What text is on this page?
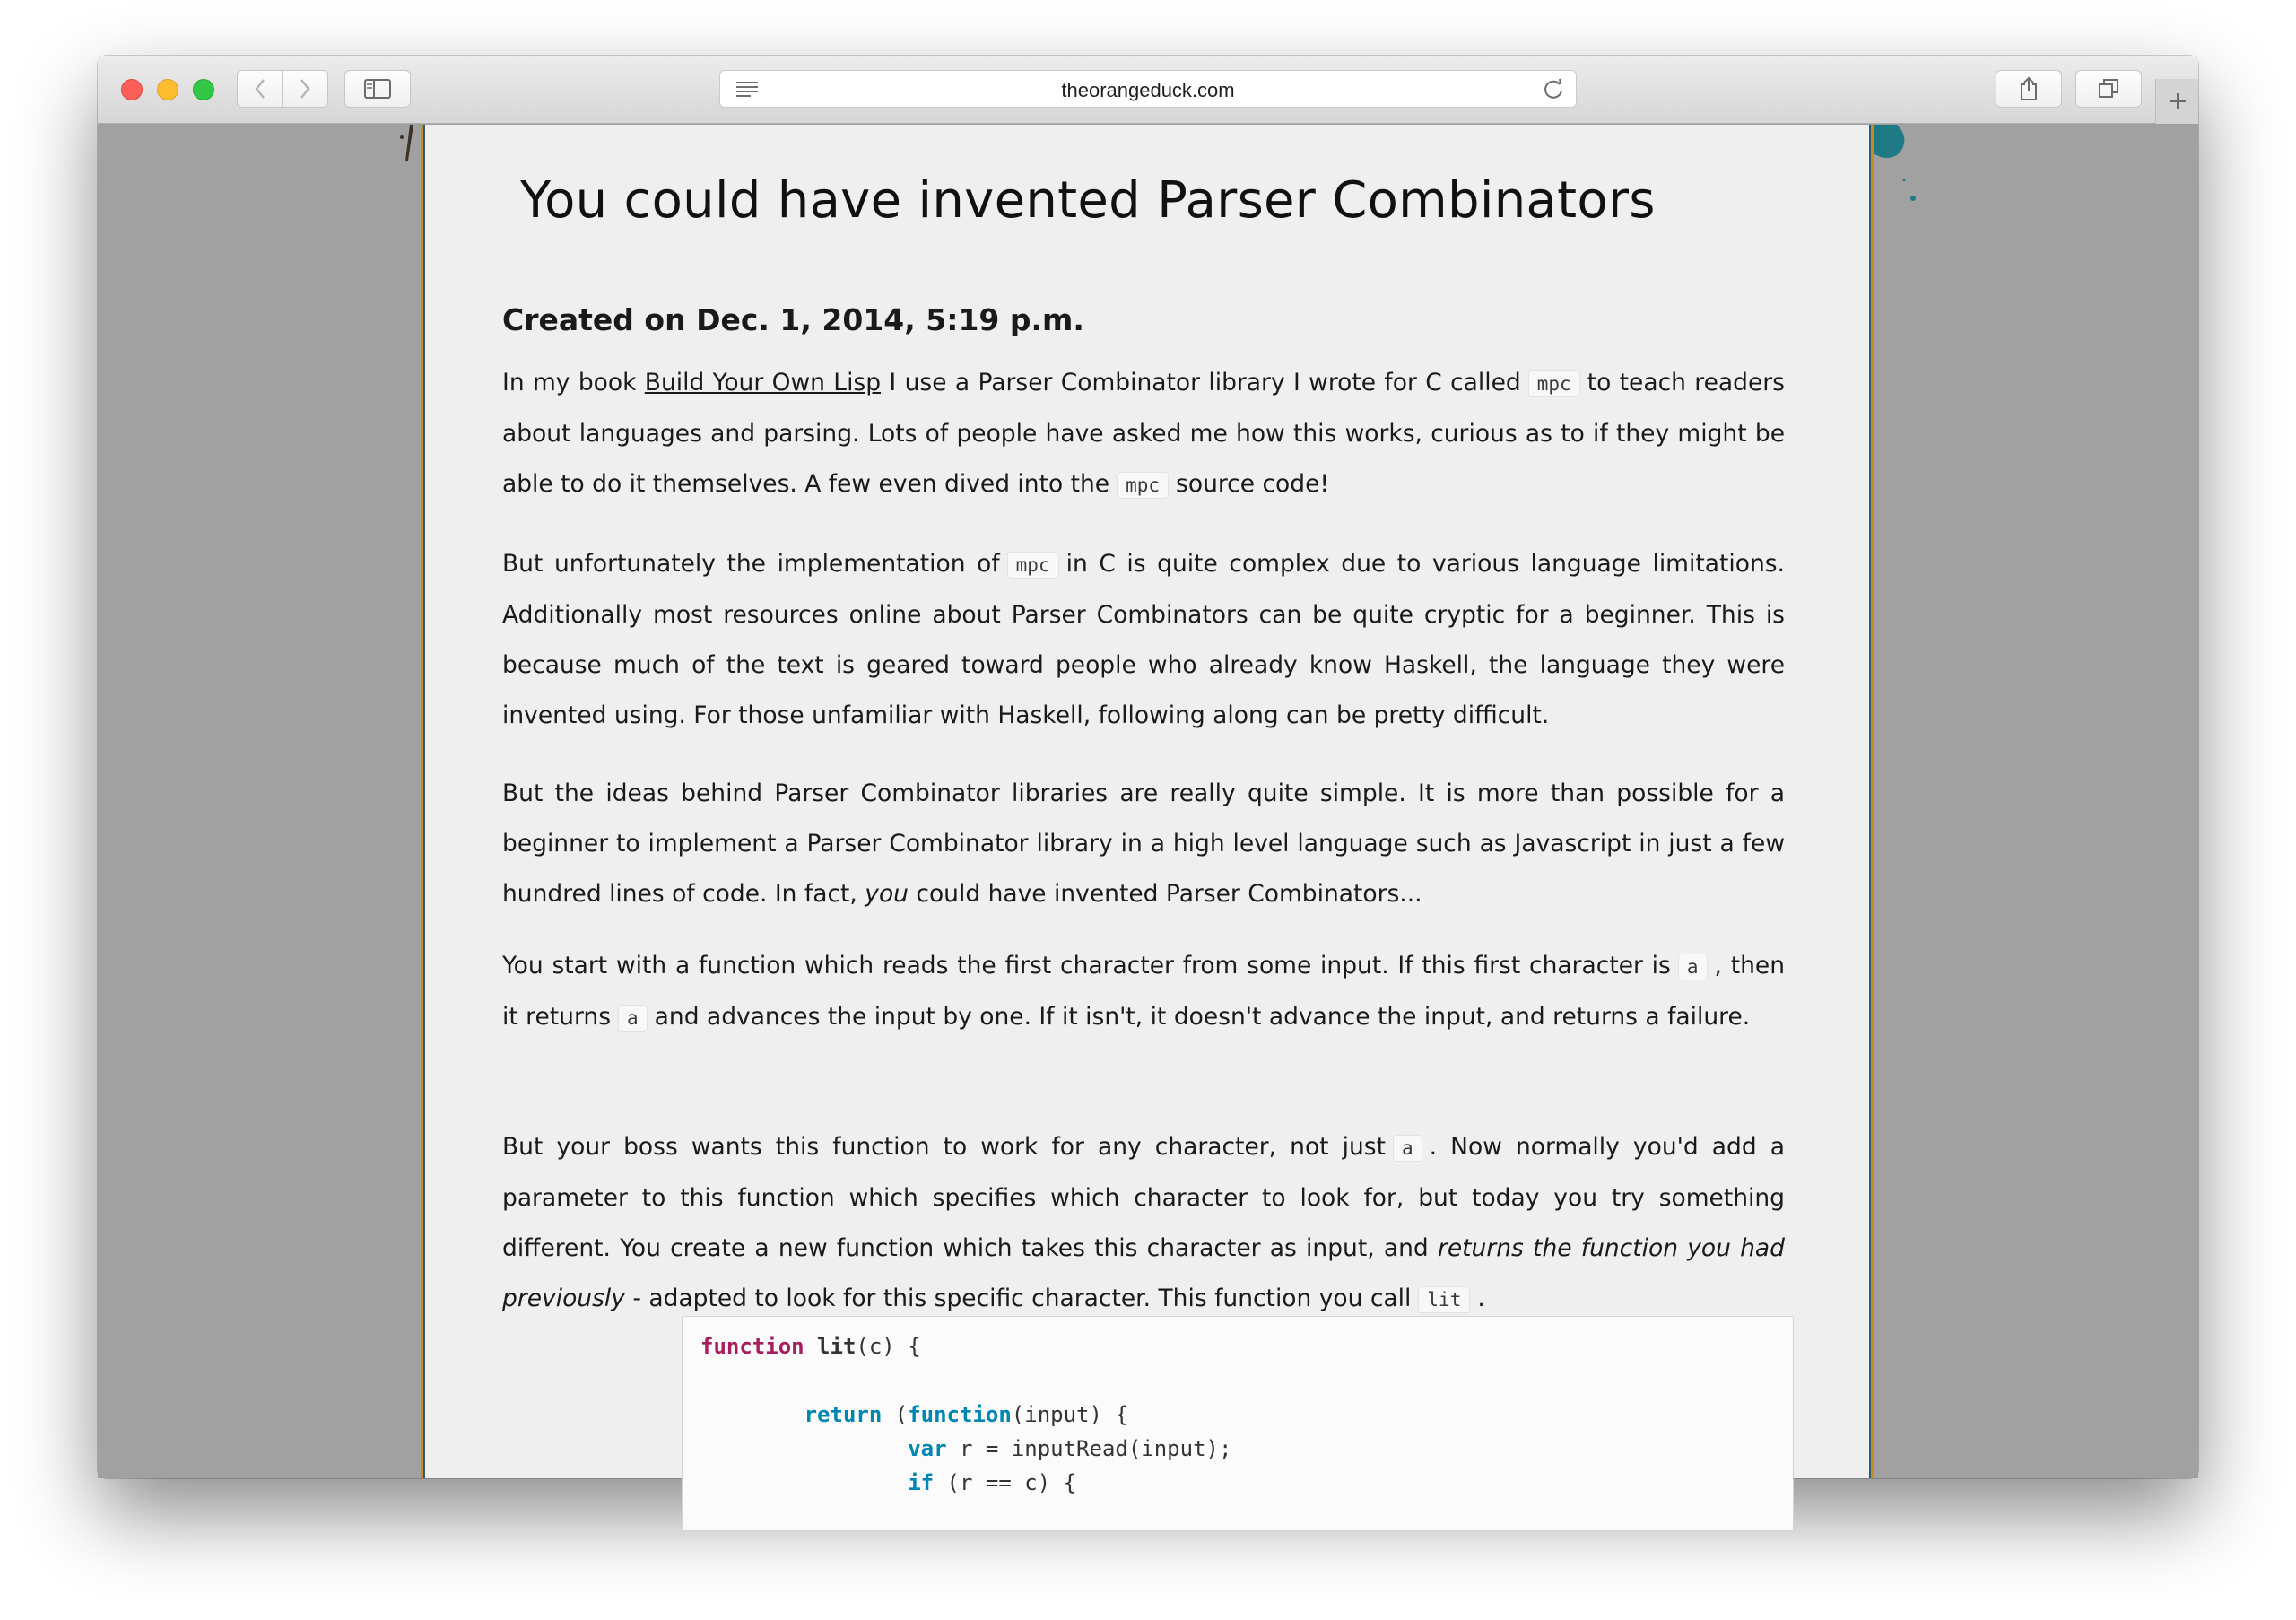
theorangeduck.com
You could have invented Parser Combinators
Created on Dec. 1, 2014, 5:19 p.m.

In my book Build Your Own Lisp I use a Parser Combinator library I wrote for C called mpc to teach readers about languages and parsing. Lots of people have asked me how this works, curious as to if they might be able to do it themselves. A few even dived into the mpc source code!

But unfortunately the implementation of mpc in C is quite complex due to various language limitations. Additionally most resources online about Parser Combinators can be quite cryptic for a beginner. This is because much of the text is geared toward people who already know Haskell, the language they were invented using. For those unfamiliar with Haskell, following along can be pretty difficult.

But the ideas behind Parser Combinator libraries are really quite simple. It is more than possible for a beginner to implement a Parser Combinator library in a high level language such as Javascript in just a few hundred lines of code. In fact, you could have invented Parser Combinators...

You start with a function which reads the first character from some input. If this first character is a , then it returns a and advances the input by one. If it isn't, it doesn't advance the input, and returns a failure.

But your boss wants this function to work for any character, not just a . Now normally you'd add a parameter to this function which specifies which character to look for, but today you try something different. You create a new function which takes this character as input, and returns the function you had previously - adapted to look for this specific character. This function you call lit .

function lit(c) {

return (function(input) {
var r = inputRead(input);
if (r == c) {
